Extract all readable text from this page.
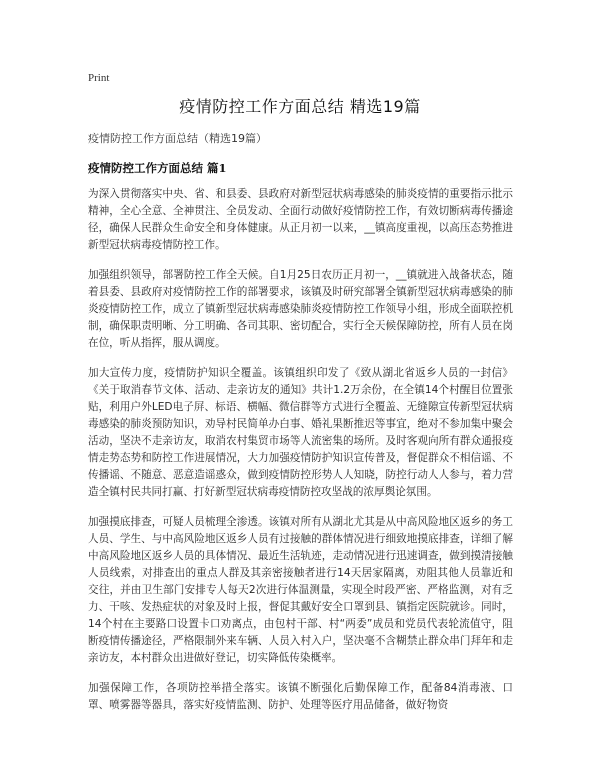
Print
疫情防控工作方面总结 精选19篇
疫情防控工作方面总结（精选19篇）
疫情防控工作方面总结 篇1

为深入贯彻落实中央、省、和县委、县政府对新型冠状病毒感染的肺炎疫情的重要指示批示精神，全心全意、全神贯注、全员发动、全面行动做好疫情防控工作，有效切断病毒传播途径，确保人民群众生命安全和身体健康。从正月初一以来，__镇高度重视，以高压态势推进新型冠状病毒疫情防控工作。

加强组织领导，部署防控工作全天候。自1月25日农历正月初一，__镇就进入战备状态，随着县委、县政府对疫情防控工作的部署要求，该镇及时研究部署全镇新型冠状病毒感染的肺炎疫情防控工作，成立了镇新型冠状病毒感染肺炎疫情防控工作领导小组，形成全面联控机制，确保职责明晰、分工明确、各司其职、密切配合，实行全天候保障防控，所有人员在岗在位，听从指挥，服从调度。

加大宣传力度，疫情防护知识全覆盖。该镇组织印发了《致从湖北省返乡人员的一封信》《关于取消春节文体、活动、走亲访友的通知》共计1.2万余份，在全镇14个村醒目位置张贴，利用户外LED电子屏、标语、横幅、微信群等方式进行全覆盖、无缝隙宣传新型冠状病毒感染的肺炎预防知识，劝导村民简单办白事、婚礼果断推迟等事宜，绝对不参加集中聚会活动，坚决不走亲访友，取消农村集贸市场等人流密集的场所。及时客观向所有群众通报疫情走势态势和防控工作进展情况，大力加强疫情防护知识宣传普及，督促群众不相信谣、不传播谣、不随意、恶意造谣惑众，做到疫情防控形势人人知晓，防控行动人人参与，着力营造全镇村民共同打赢、打好新型冠状病毒疫情防控攻坚战的浓厚舆论氛围。

加强摸底排查，可疑人员梳理全渗透。该镇对所有从湖北尤其是从中高风险地区返乡的务工人员、学生、与中高风险地区返乡人员有过接触的群体情况进行细致地摸底排查，详细了解中高风险地区返乡人员的具体情况、最近生活轨迹，走动情况进行迅速调查，做到摸清接触人员线索，对排查出的重点人群及其亲密接触者进行14天居家隔离，劝阻其他人员靠近和交往，并由卫生部门安排专人每天2次进行体温测量，实现全时段严密、严格监测，对有乏力、干咳、发热症状的对象及时上报，督促其戴好安全口罩到县、镇指定医院就诊。同时，14个村在主要路口设置卡口劝离点，由包村干部、村“两委”成员和党员代表轮流值守，阻断疫情传播途径，严格限制外来车辆、人员入村入户，坚决毫不含糊禁止群众串门拜年和走亲访友，本村群众出进做好登记，切实降低传染概率。

加强保障工作，各项防控举措全落实。该镇不断强化后勤保障工作，配备84消毒液、口罩、喷雾器等器具，落实好疫情监测、防护、处理等医疗用品储备，做好物资
